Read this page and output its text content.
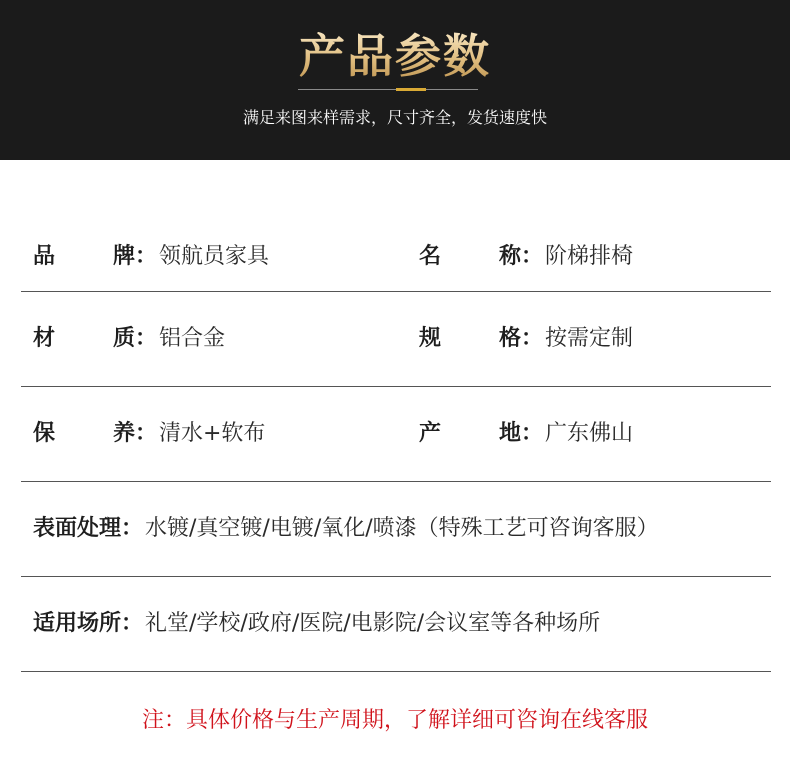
产品参数
满足来图来样需求，尺寸齐全，发货速度快
品	牌： 领航员家具	名	称： 阶梯排椅
材	质： 铝合金	规	格： 按需定制
保	养： 清水+软布	产	地： 广东佛山
表面处理： 水镀/真空镀/电镀/氧化/喷漆（特殊工艺可咨询客服）
适用场所： 礼堂/学校/政府/医院/电影院/会议室等各种场所
注：具体价格与生产周期，了解详细可咨询在线客服
